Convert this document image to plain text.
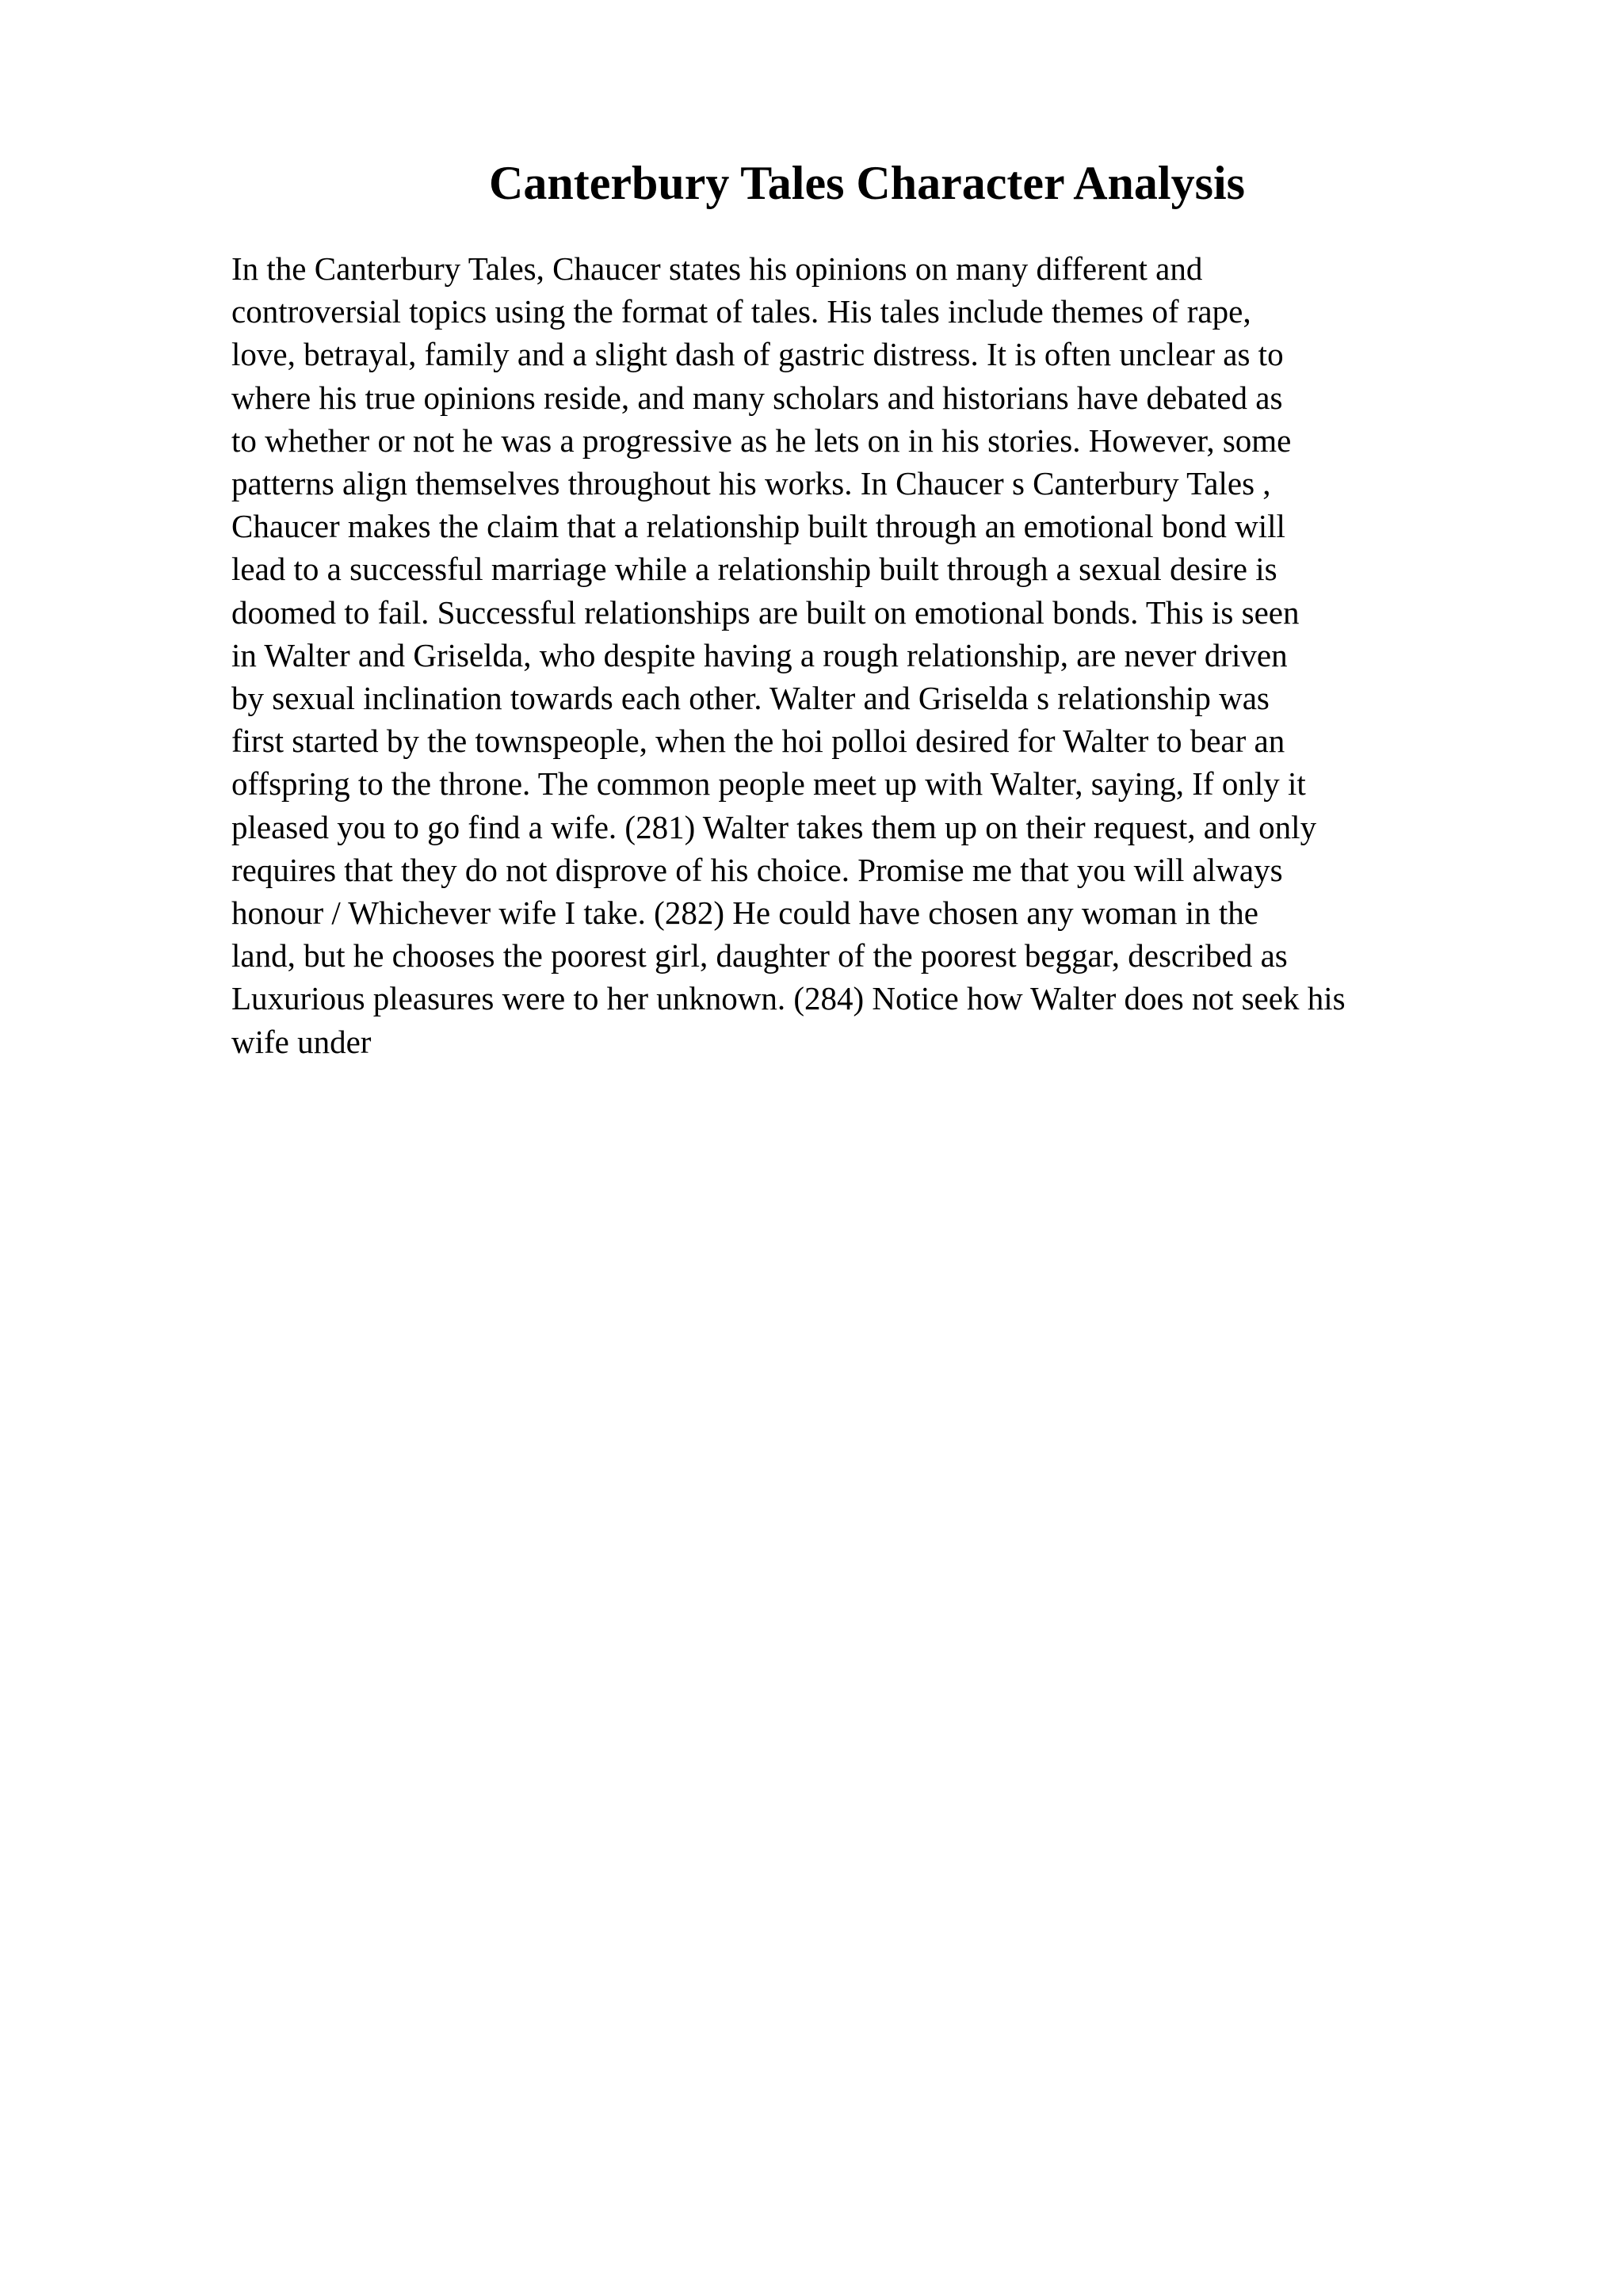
Canterbury Tales Character Analysis
In the Canterbury Tales, Chaucer states his opinions on many different and
controversial topics using the format of tales. His tales include themes of rape,
love, betrayal, family and a slight dash of gastric distress. It is often unclear as to
where his true opinions reside, and many scholars and historians have debated as
to whether or not he was a progressive as he lets on in his stories. However, some
patterns align themselves throughout his works. In Chaucer s Canterbury Tales ,
Chaucer makes the claim that a relationship built through an emotional bond will
lead to a successful marriage while a relationship built through a sexual desire is
doomed to fail. Successful relationships are built on emotional bonds. This is seen
in Walter and Griselda, who despite having a rough relationship, are never driven
by sexual inclination towards each other. Walter and Griselda s relationship was
first started by the townspeople, when the hoi polloi desired for Walter to bear an
offspring to the throne. The common people meet up with Walter, saying, If only it
pleased you to go find a wife. (281) Walter takes them up on their request, and only
requires that they do not disprove of his choice. Promise me that you will always
honour / Whichever wife I take. (282) He could have chosen any woman in the
land, but he chooses the poorest girl, daughter of the poorest beggar, described as
Luxurious pleasures were to her unknown. (284) Notice how Walter does not seek his
wife under
